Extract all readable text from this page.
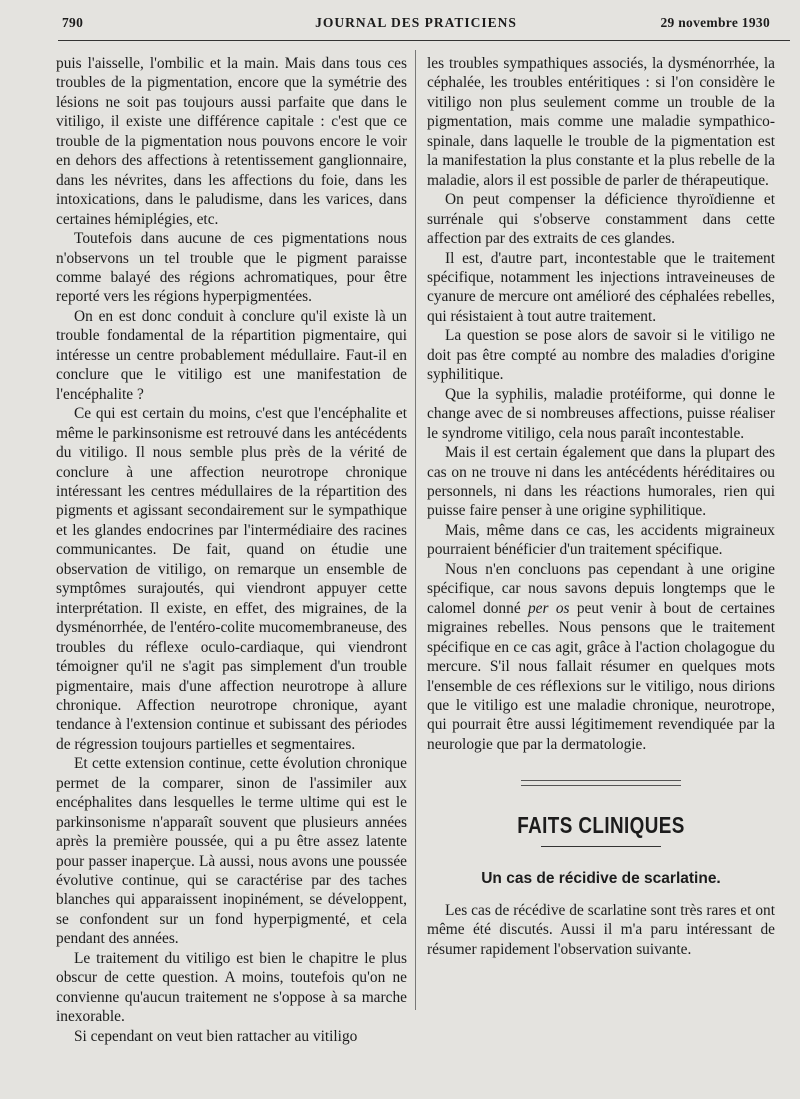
790	JOURNAL DES PRATICIENS	29 novembre 1930

puis l'aisselle, l'ombilic et la main. Mais dans tous ces troubles de la pigmentation, encore que la symétrie des lésions ne soit pas toujours aussi parfaite que dans le vitiligo, il existe une différence capitale : c'est que ce trouble de la pigmentation nous pouvons encore le voir en dehors des affections à retentissement ganglionnaire, dans les névrites, dans les affections du foie, dans les intoxications, dans le paludisme, dans les varices, dans certaines hémiplégies, etc.

Toutefois dans aucune de ces pigmentations nous n'observons un tel trouble que le pigment paraisse comme balayé des régions achromatiques, pour être reporté vers les régions hyperpigmentées.

On en est donc conduit à conclure qu'il existe là un trouble fondamental de la répartition pigmentaire, qui intéresse un centre probablement médullaire. Faut-il en conclure que le vitiligo est une manifestation de l'encéphalite ?

Ce qui est certain du moins, c'est que l'encéphalite et même le parkinsonisme est retrouvé dans les antécédents du vitiligo. Il nous semble plus près de la vérité de conclure à une affection neurotrope chronique intéressant les centres médullaires de la répartition des pigments et agissant secondairement sur le sympathique et les glandes endocrines par l'intermédiaire des racines communicantes. De fait, quand on étudie une observation de vitiligo, on remarque un ensemble de symptômes surajoutés, qui viendront appuyer cette interprétation. Il existe, en effet, des migraines, de la dysménorrhée, de l'entéro-colite mucomembraneuse, des troubles du réflexe oculo-cardiaque, qui viendront témoigner qu'il ne s'agit pas simplement d'un trouble pigmentaire, mais d'une affection neurotrope à allure chronique. Affection neurotrope chronique, ayant tendance à l'extension continue et subissant des périodes de régression toujours partielles et segmentaires.

Et cette extension continue, cette évolution chronique permet de la comparer, sinon de l'assimiler aux encéphalites dans lesquelles le terme ultime qui est le parkinsonisme n'apparaît souvent que plusieurs années après la première poussée, qui a pu être assez latente pour passer inaperçue. Là aussi, nous avons une poussée évolutive continue, qui se caractérise par des taches blanches qui apparaissent inopinément, se développent, se confondent sur un fond hyperpigmenté, et cela pendant des années.

Le traitement du vitiligo est bien le chapitre le plus obscur de cette question. A moins, toutefois qu'on ne convienne qu'aucun traitement ne s'oppose à sa marche inexorable.

Si cependant on veut bien rattacher au vitiligo

les troubles sympathiques associés, la dysménorrhée, la céphalée, les troubles entéritiques : si l'on considère le vitiligo non plus seulement comme un trouble de la pigmentation, mais comme une maladie sympathico-spinale, dans laquelle le trouble de la pigmentation est la manifestation la plus constante et la plus rebelle de la maladie, alors il est possible de parler de thérapeutique.

On peut compenser la déficience thyroïdienne et surrénale qui s'observe constamment dans cette affection par des extraits de ces glandes.

Il est, d'autre part, incontestable que le traitement spécifique, notamment les injections intraveineuses de cyanure de mercure ont amélioré des céphalées rebelles, qui résistaient à tout autre traitement.

La question se pose alors de savoir si le vitiligo ne doit pas être compté au nombre des maladies d'origine syphilitique.

Que la syphilis, maladie protéiforme, qui donne le change avec de si nombreuses affections, puisse réaliser le syndrome vitiligo, cela nous paraît incontestable.

Mais il est certain également que dans la plupart des cas on ne trouve ni dans les antécédents héréditaires ou personnels, ni dans les réactions humorales, rien qui puisse faire penser à une origine syphilitique.

Mais, même dans ce cas, les accidents migraineux pourraient bénéficier d'un traitement spécifique.

Nous n'en concluons pas cependant à une origine spécifique, car nous savons depuis longtemps que le calomel donné per os peut venir à bout de certaines migraines rebelles. Nous pensons que le traitement spécifique en ce cas agit, grâce à l'action cholagogue du mercure. S'il nous fallait résumer en quelques mots l'ensemble de ces réflexions sur le vitiligo, nous dirions que le vitiligo est une maladie chronique, neurotrope, qui pourrait être aussi légitimement revendiquée par la neurologie que par la dermatologie.

FAITS CLINIQUES
Un cas de récidive de scarlatine.

Les cas de récédive de scarlatine sont très rares et ont même été discutés. Aussi il m'a paru intéressant de résumer rapidement l'observation suivante.
